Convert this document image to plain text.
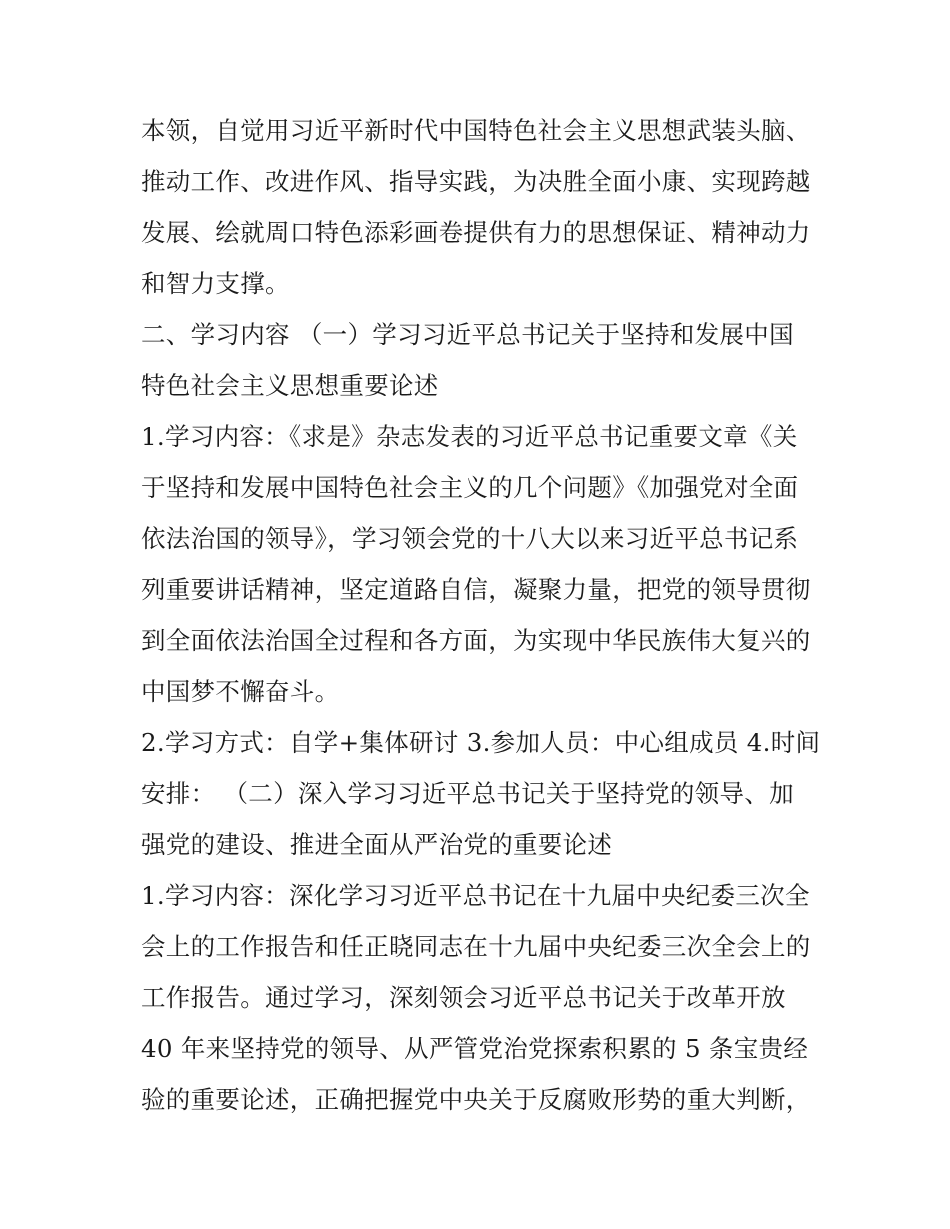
本领，自觉用习近平新时代中国特色社会主义思想武装头脑、
推动工作、改进作风、指导实践，为决胜全面小康、实现跨越
发展、绘就周口特色添彩画卷提供有力的思想保证、精神动力
和智力支撑。
二、学习内容 （一）学习习近平总书记关于坚持和发展中国
特色社会主义思想重要论述
1.学习内容：《求是》杂志发表的习近平总书记重要文章《关
于坚持和发展中国特色社会主义的几个问题》《加强党对全面
依法治国的领导》，学习领会党的十八大以来习近平总书记系
列重要讲话精神，坚定道路自信，凝聚力量，把党的领导贯彻
到全面依法治国全过程和各方面，为实现中华民族伟大复兴的
中国梦不懈奋斗。
2.学习方式：自学+集体研讨 3.参加人员：中心组成员 4.时间
安排： （二）深入学习习近平总书记关于坚持党的领导、加
强党的建设、推进全面从严治党的重要论述
1.学习内容：深化学习习近平总书记在十九届中央纪委三次全
会上的工作报告和任正晓同志在十九届中央纪委三次全会上的
工作报告。通过学习，深刻领会习近平总书记关于改革开放
40 年来坚持党的领导、从严管党治党探索积累的 5 条宝贵经
验的重要论述，正确把握党中央关于反腐败形势的重大判断，
